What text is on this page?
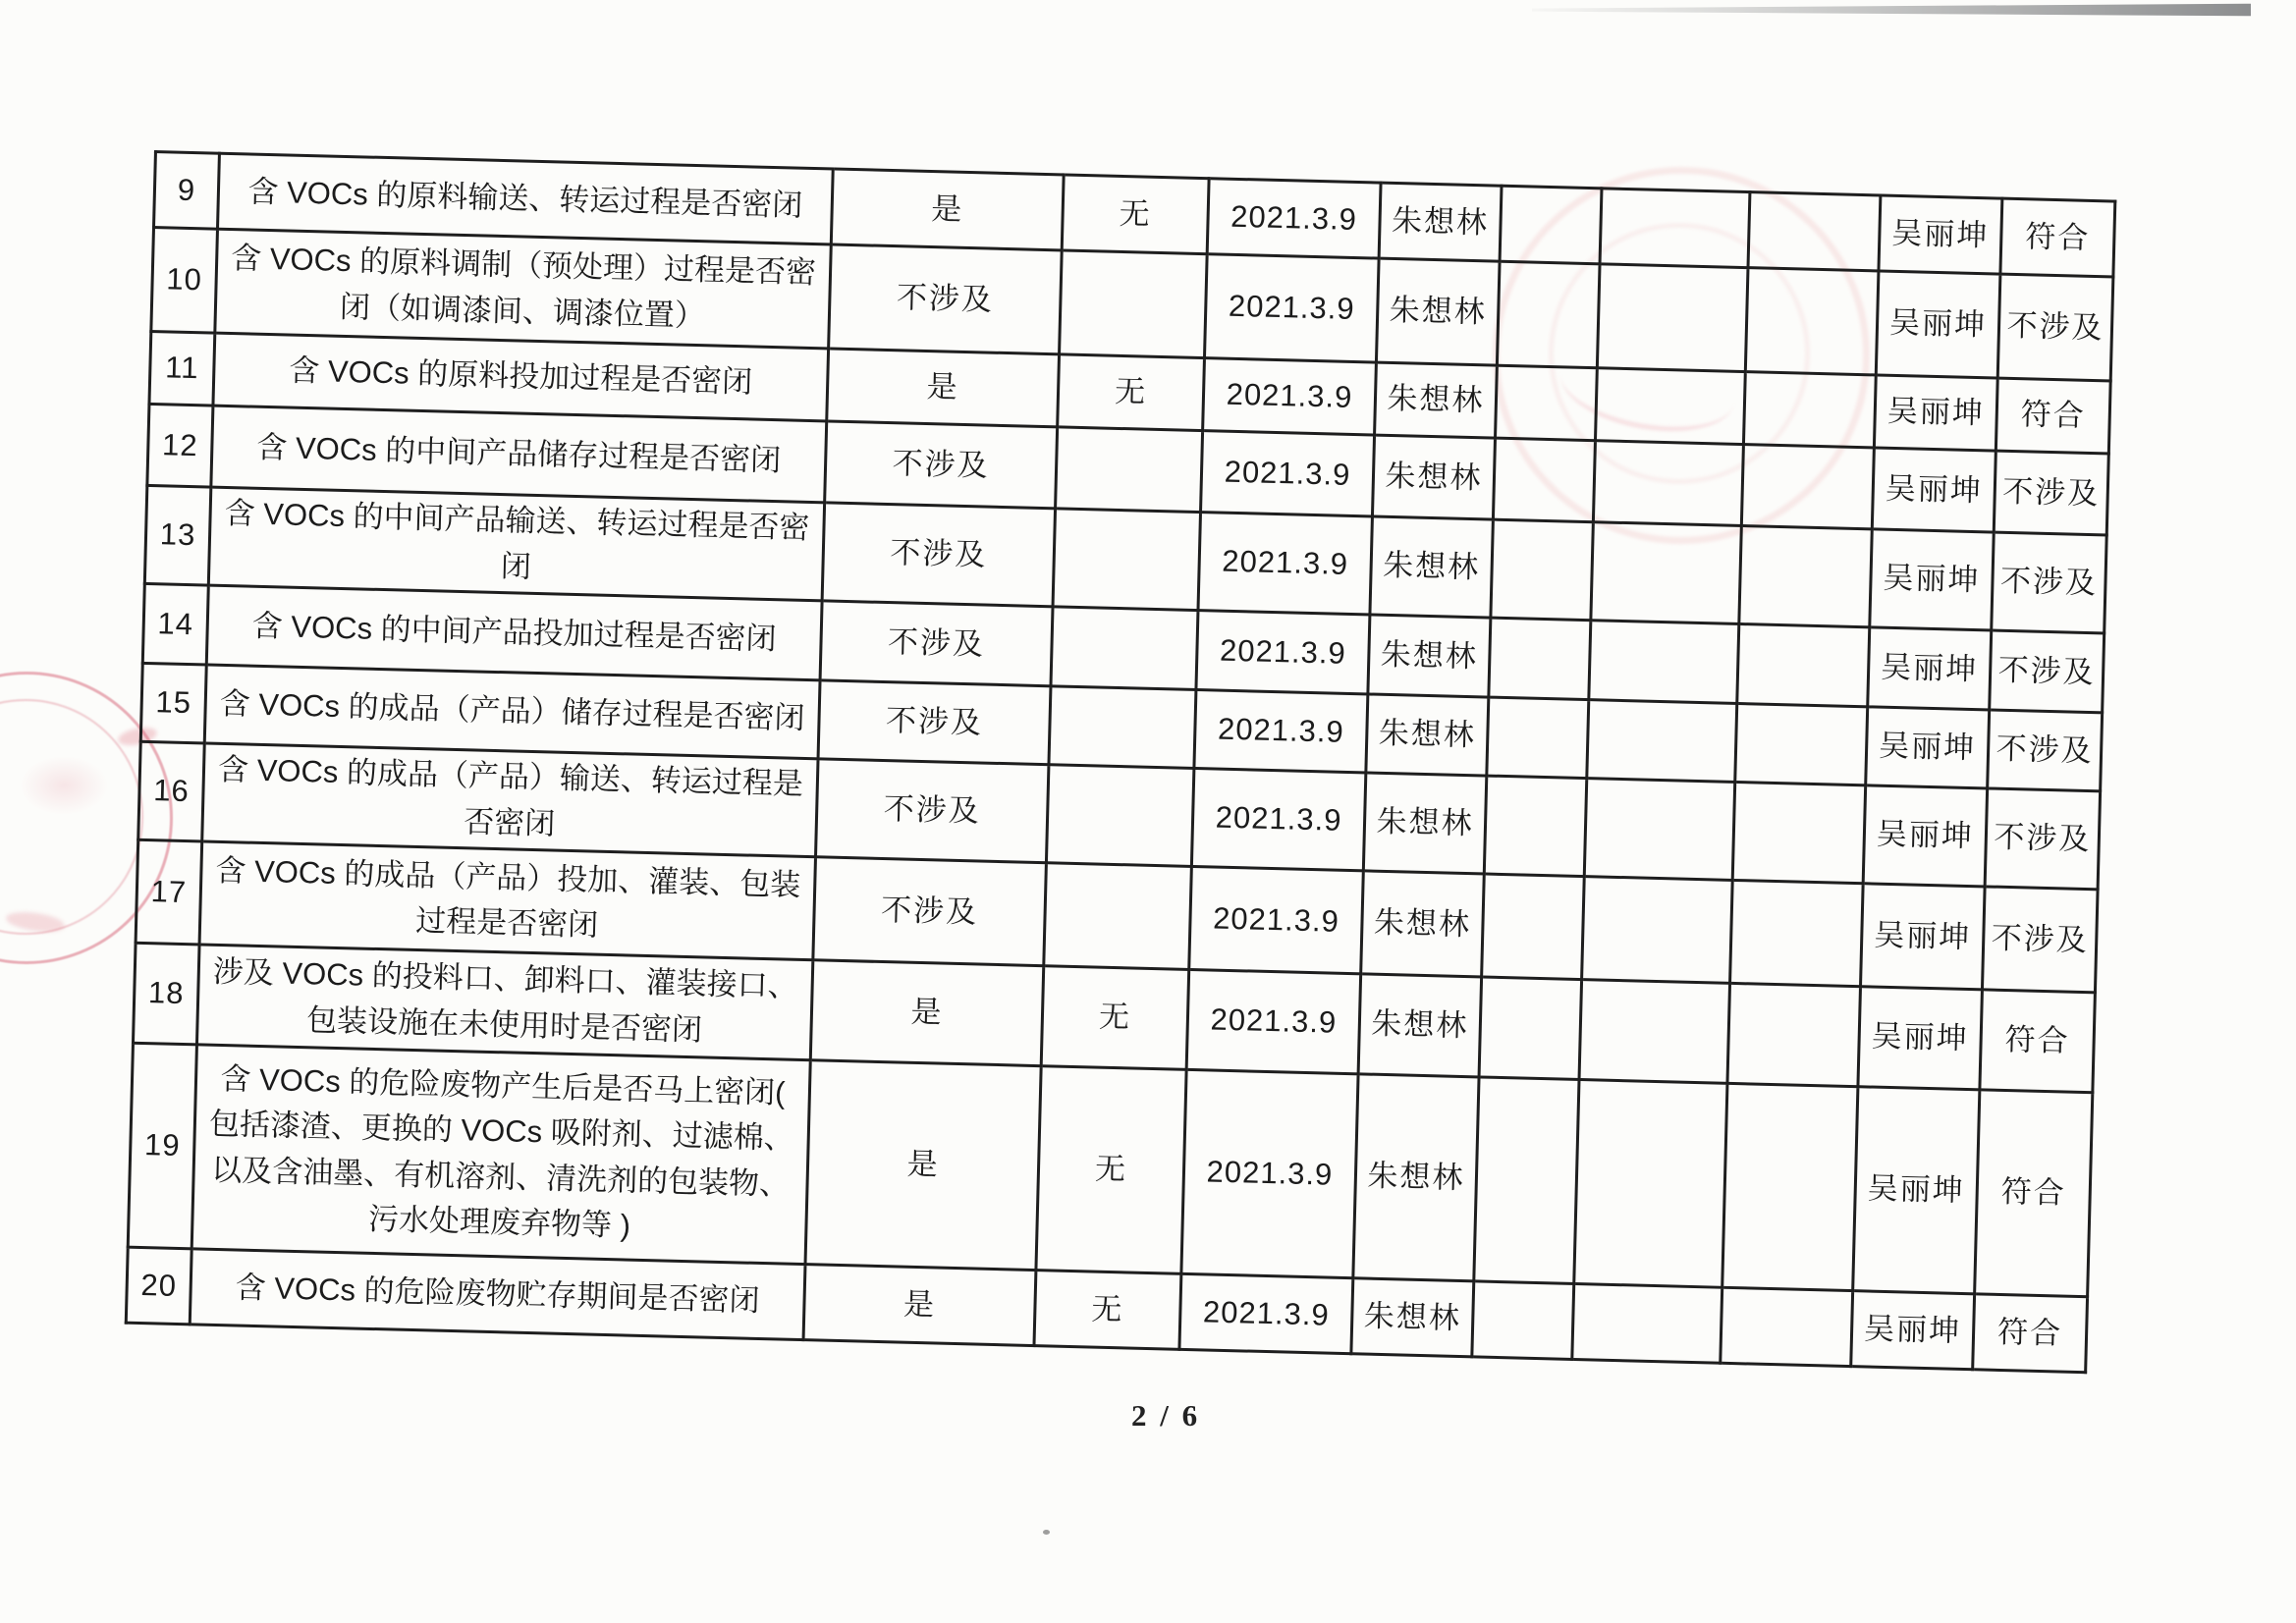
9	含 VOCs 的原料输送、转运过程是否密闭	是	无	2021.3.9	朱想林				吴丽坤	符合
10	含 VOCs 的原料调制（预处理）过程是否密闭（如调漆间、调漆位置）	不涉及		2021.3.9	朱想林				吴丽坤	不涉及
11	含 VOCs 的原料投加过程是否密闭	是	无	2021.3.9	朱想林				吴丽坤	符合
12	含 VOCs 的中间产品储存过程是否密闭	不涉及		2021.3.9	朱想林				吴丽坤	不涉及
13	含 VOCs 的中间产品输送、转运过程是否密闭	不涉及		2021.3.9	朱想林				吴丽坤	不涉及
14	含 VOCs 的中间产品投加过程是否密闭	不涉及		2021.3.9	朱想林				吴丽坤	不涉及
15	含 VOCs 的成品（产品）储存过程是否密闭	不涉及		2021.3.9	朱想林				吴丽坤	不涉及
16	含 VOCs 的成品（产品）输送、转运过程是否密闭	不涉及		2021.3.9	朱想林				吴丽坤	不涉及
17	含 VOCs 的成品（产品）投加、灌装、包装过程是否密闭	不涉及		2021.3.9	朱想林				吴丽坤	不涉及
18	涉及 VOCs 的投料口、卸料口、灌装接口、包装设施在未使用时是否密闭	是	无	2021.3.9	朱想林				吴丽坤	符合
19	含 VOCs 的危险废物产生后是否马上密闭( 包括漆渣、更换的 VOCs 吸附剂、过滤棉、以及含油墨、有机溶剂、清洗剂的包装物、污水处理废弃物等 )	是	无	2021.3.9	朱想林				吴丽坤	符合
20	含 VOCs 的危险废物贮存期间是否密闭	是	无	2021.3.9	朱想林				吴丽坤	符合
2 / 6
